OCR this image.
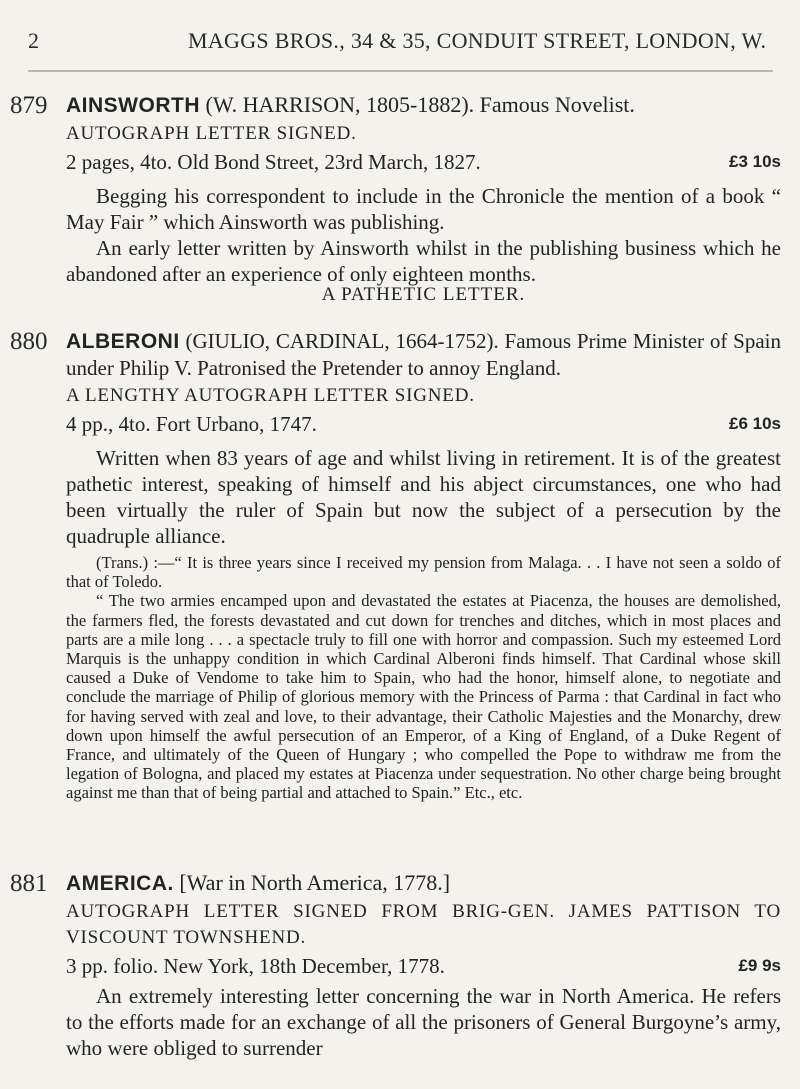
2	MAGGS BROS., 34 & 35, CONDUIT STREET, LONDON, W.
879 AINSWORTH (W. HARRISON, 1805-1882). Famous Novelist.
AUTOGRAPH LETTER SIGNED.
2 pages, 4to. Old Bond Street, 23rd March, 1827.	£3 10s

Begging his correspondent to include in the Chronicle the mention of a book “ May Fair ” which Ainsworth was publishing.

An early letter written by Ainsworth whilst in the publishing business which he abandoned after an experience of only eighteen months.

A PATHETIC LETTER.
880 ALBERONI (GIULIO, CARDINAL, 1664-1752). Famous Prime Minister of Spain under Philip V. Patronised the Pretender to annoy England.
A LENGTHY AUTOGRAPH LETTER SIGNED.
4 pp., 4to. Fort Urbano, 1747.	£6 10s

Written when 83 years of age and whilst living in retirement. It is of the greatest pathetic interest, speaking of himself and his abject circumstances, one who had been virtually the ruler of Spain but now the subject of a persecution by the quadruple alliance.

(Trans.) :—“ It is three years since I received my pension from Malaga. . . I have not seen a soldo of that of Toledo.

“ The two armies encamped upon and devastated the estates at Piacenza, the houses are demolished, the farmers fled, the forests devastated and cut down for trenches and ditches, which in most places and parts are a mile long . . . a spectacle truly to fill one with horror and compassion. Such my esteemed Lord Marquis is the unhappy condition in which Cardinal Alberoni finds himself. That Cardinal whose skill caused a Duke of Vendome to take him to Spain, who had the honor, himself alone, to negotiate and conclude the marriage of Philip of glorious memory with the Princess of Parma : that Cardinal in fact who for having served with zeal and love, to their advantage, their Catholic Majesties and the Monarchy, drew down upon himself the awful persecution of an Emperor, of a King of England, of a Duke Regent of France, and ultimately of the Queen of Hungary ; who compelled the Pope to withdraw me from the legation of Bologna, and placed my estates at Piacenza under sequestration. No other charge being brought against me than that of being partial and attached to Spain.” Etc., etc.

881 AMERICA. [War in North America, 1778.]
AUTOGRAPH LETTER SIGNED FROM BRIG-GEN. JAMES PATTISON TO VISCOUNT TOWNSHEND.
3 pp. folio. New York, 18th December, 1778.	£9 9s

An extremely interesting letter concerning the war in North America. He refers to the efforts made for an exchange of all the prisoners of General Burgoyne’s army, who were obliged to surrender
